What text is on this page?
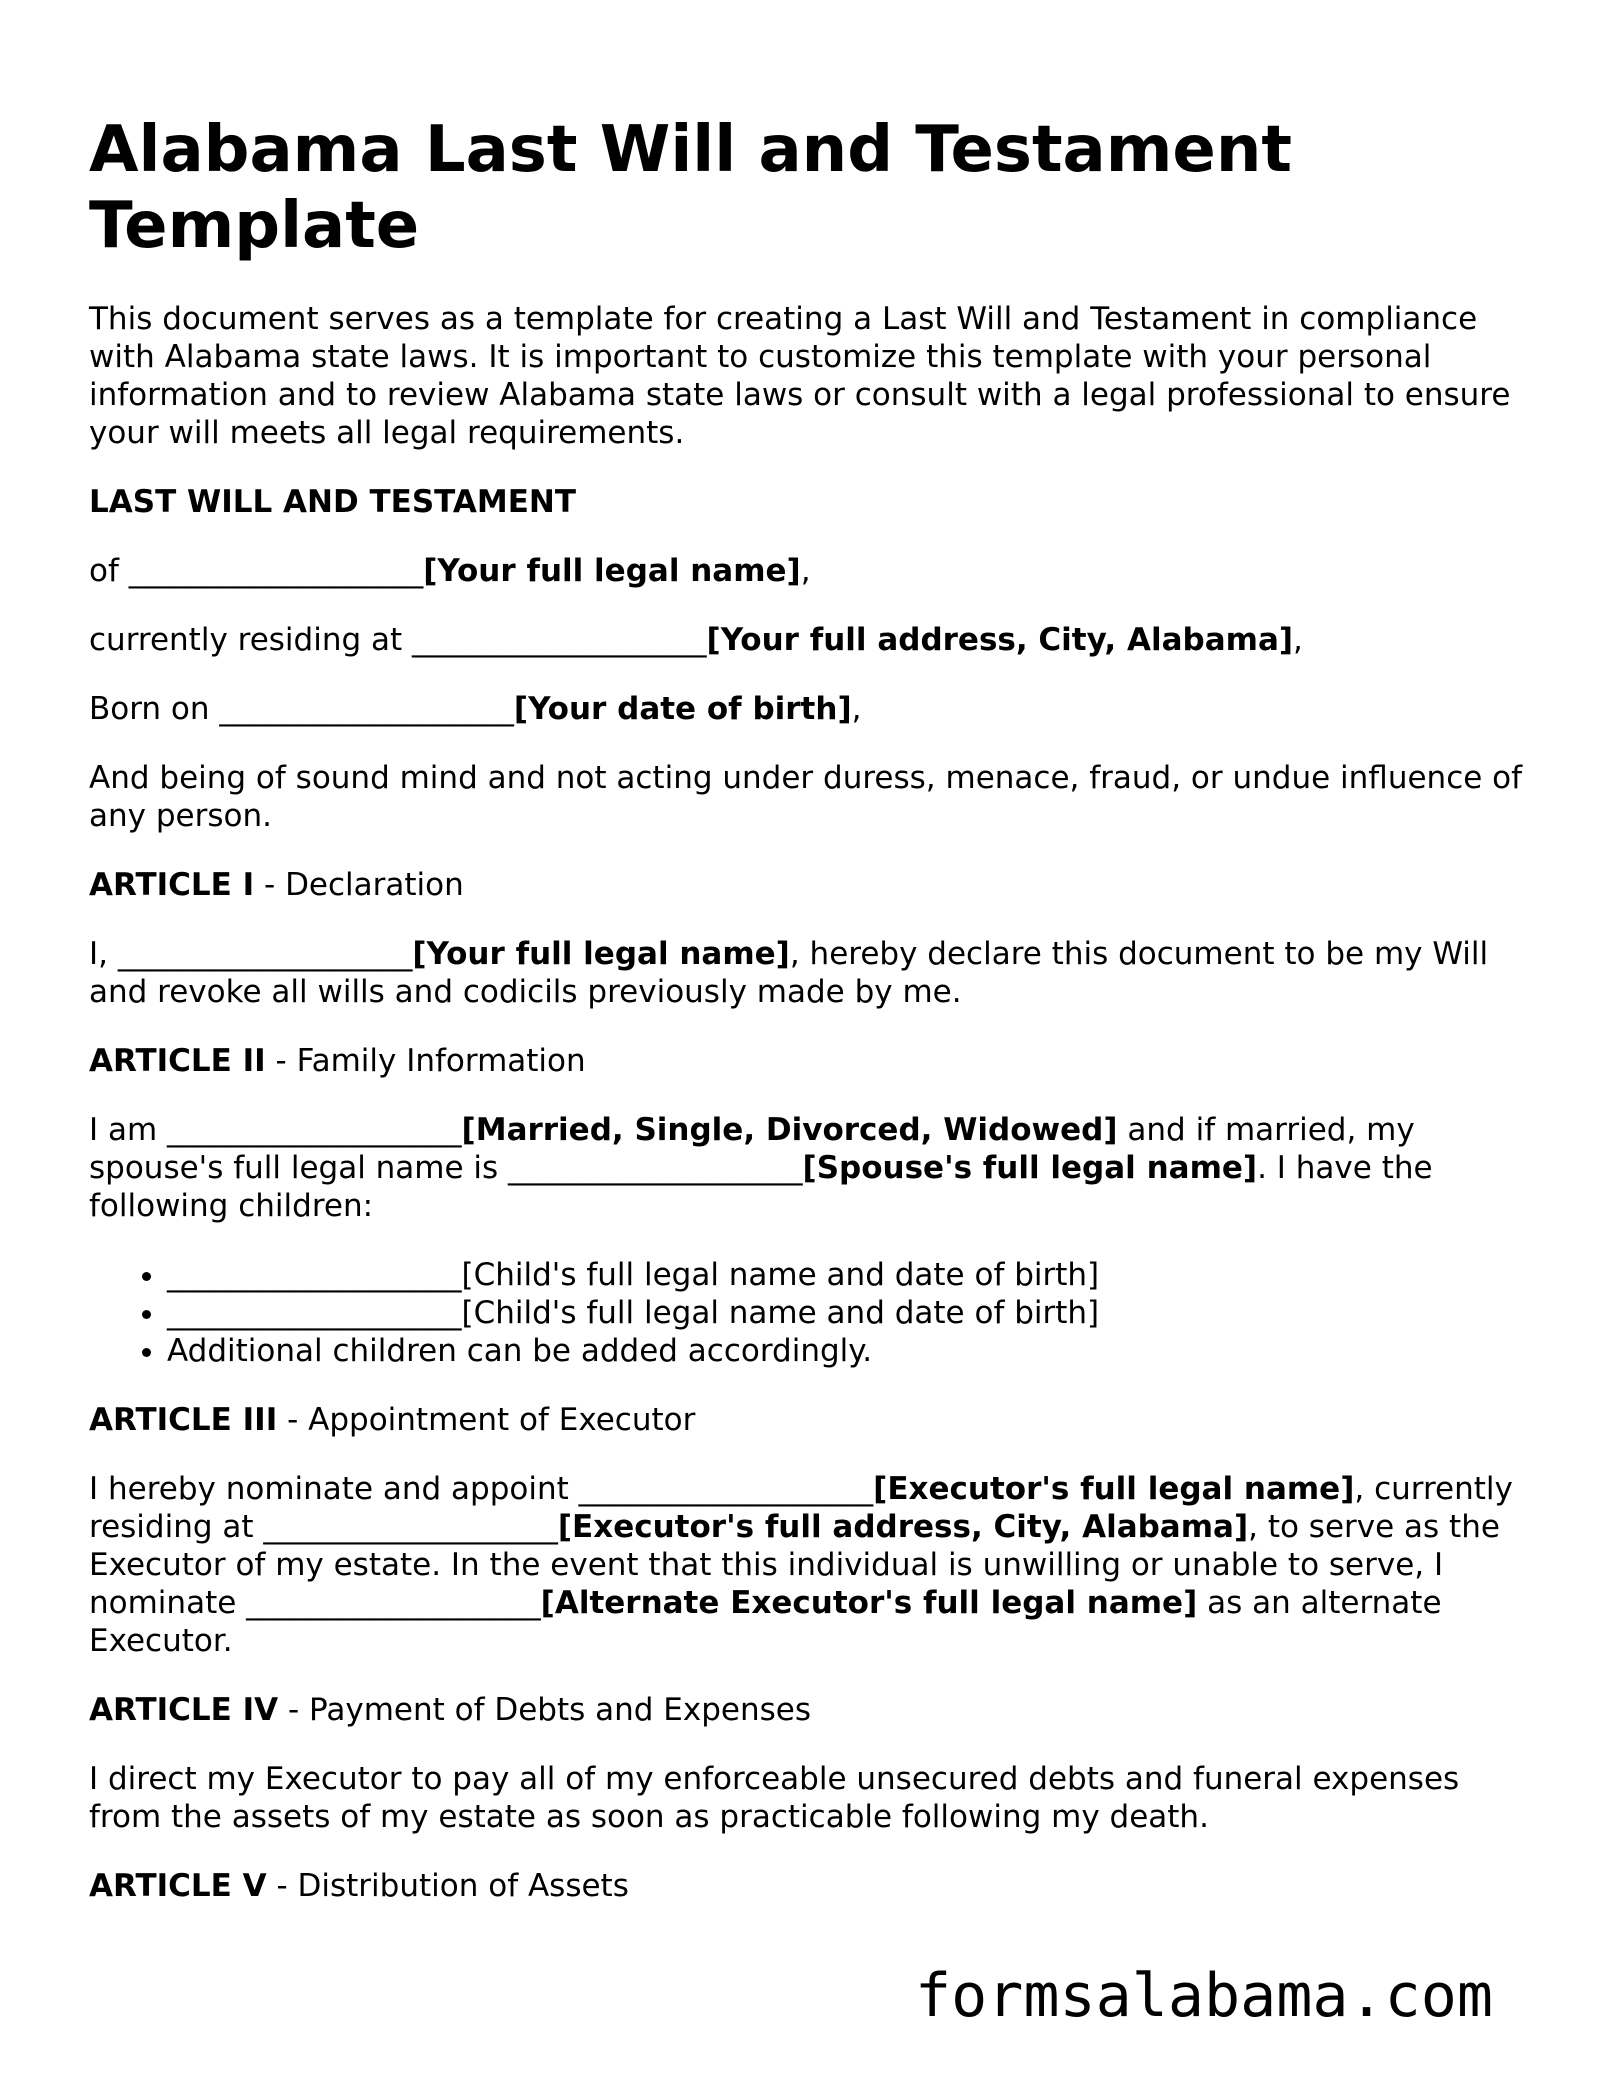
Alabama Last Will and Testament Template

This document serves as a template for creating a Last Will and Testament in compliance with Alabama state laws. It is important to customize this template with your personal information and to review Alabama state laws or consult with a legal professional to ensure your will meets all legal requirements.

LAST WILL AND TESTAMENT

of ___________________[Your full legal name],

currently residing at ___________________[Your full address, City, Alabama],

Born on ___________________[Your date of birth],

And being of sound mind and not acting under duress, menace, fraud, or undue influence of any person.

ARTICLE I - Declaration

I, ___________________[Your full legal name], hereby declare this document to be my Will and revoke all wills and codicils previously made by me.

ARTICLE II - Family Information

I am ___________________[Married, Single, Divorced, Widowed] and if married, my spouse's full legal name is ___________________[Spouse's full legal name]. I have the following children:

• ___________________[Child's full legal name and date of birth]
• ___________________[Child's full legal name and date of birth]
• Additional children can be added accordingly.

ARTICLE III - Appointment of Executor

I hereby nominate and appoint ___________________[Executor's full legal name], currently residing at ___________________[Executor's full address, City, Alabama], to serve as the Executor of my estate. In the event that this individual is unwilling or unable to serve, I nominate ___________________[Alternate Executor's full legal name] as an alternate Executor.

ARTICLE IV - Payment of Debts and Expenses

I direct my Executor to pay all of my enforceable unsecured debts and funeral expenses from the assets of my estate as soon as practicable following my death.

ARTICLE V - Distribution of Assets

formsalabama.com
